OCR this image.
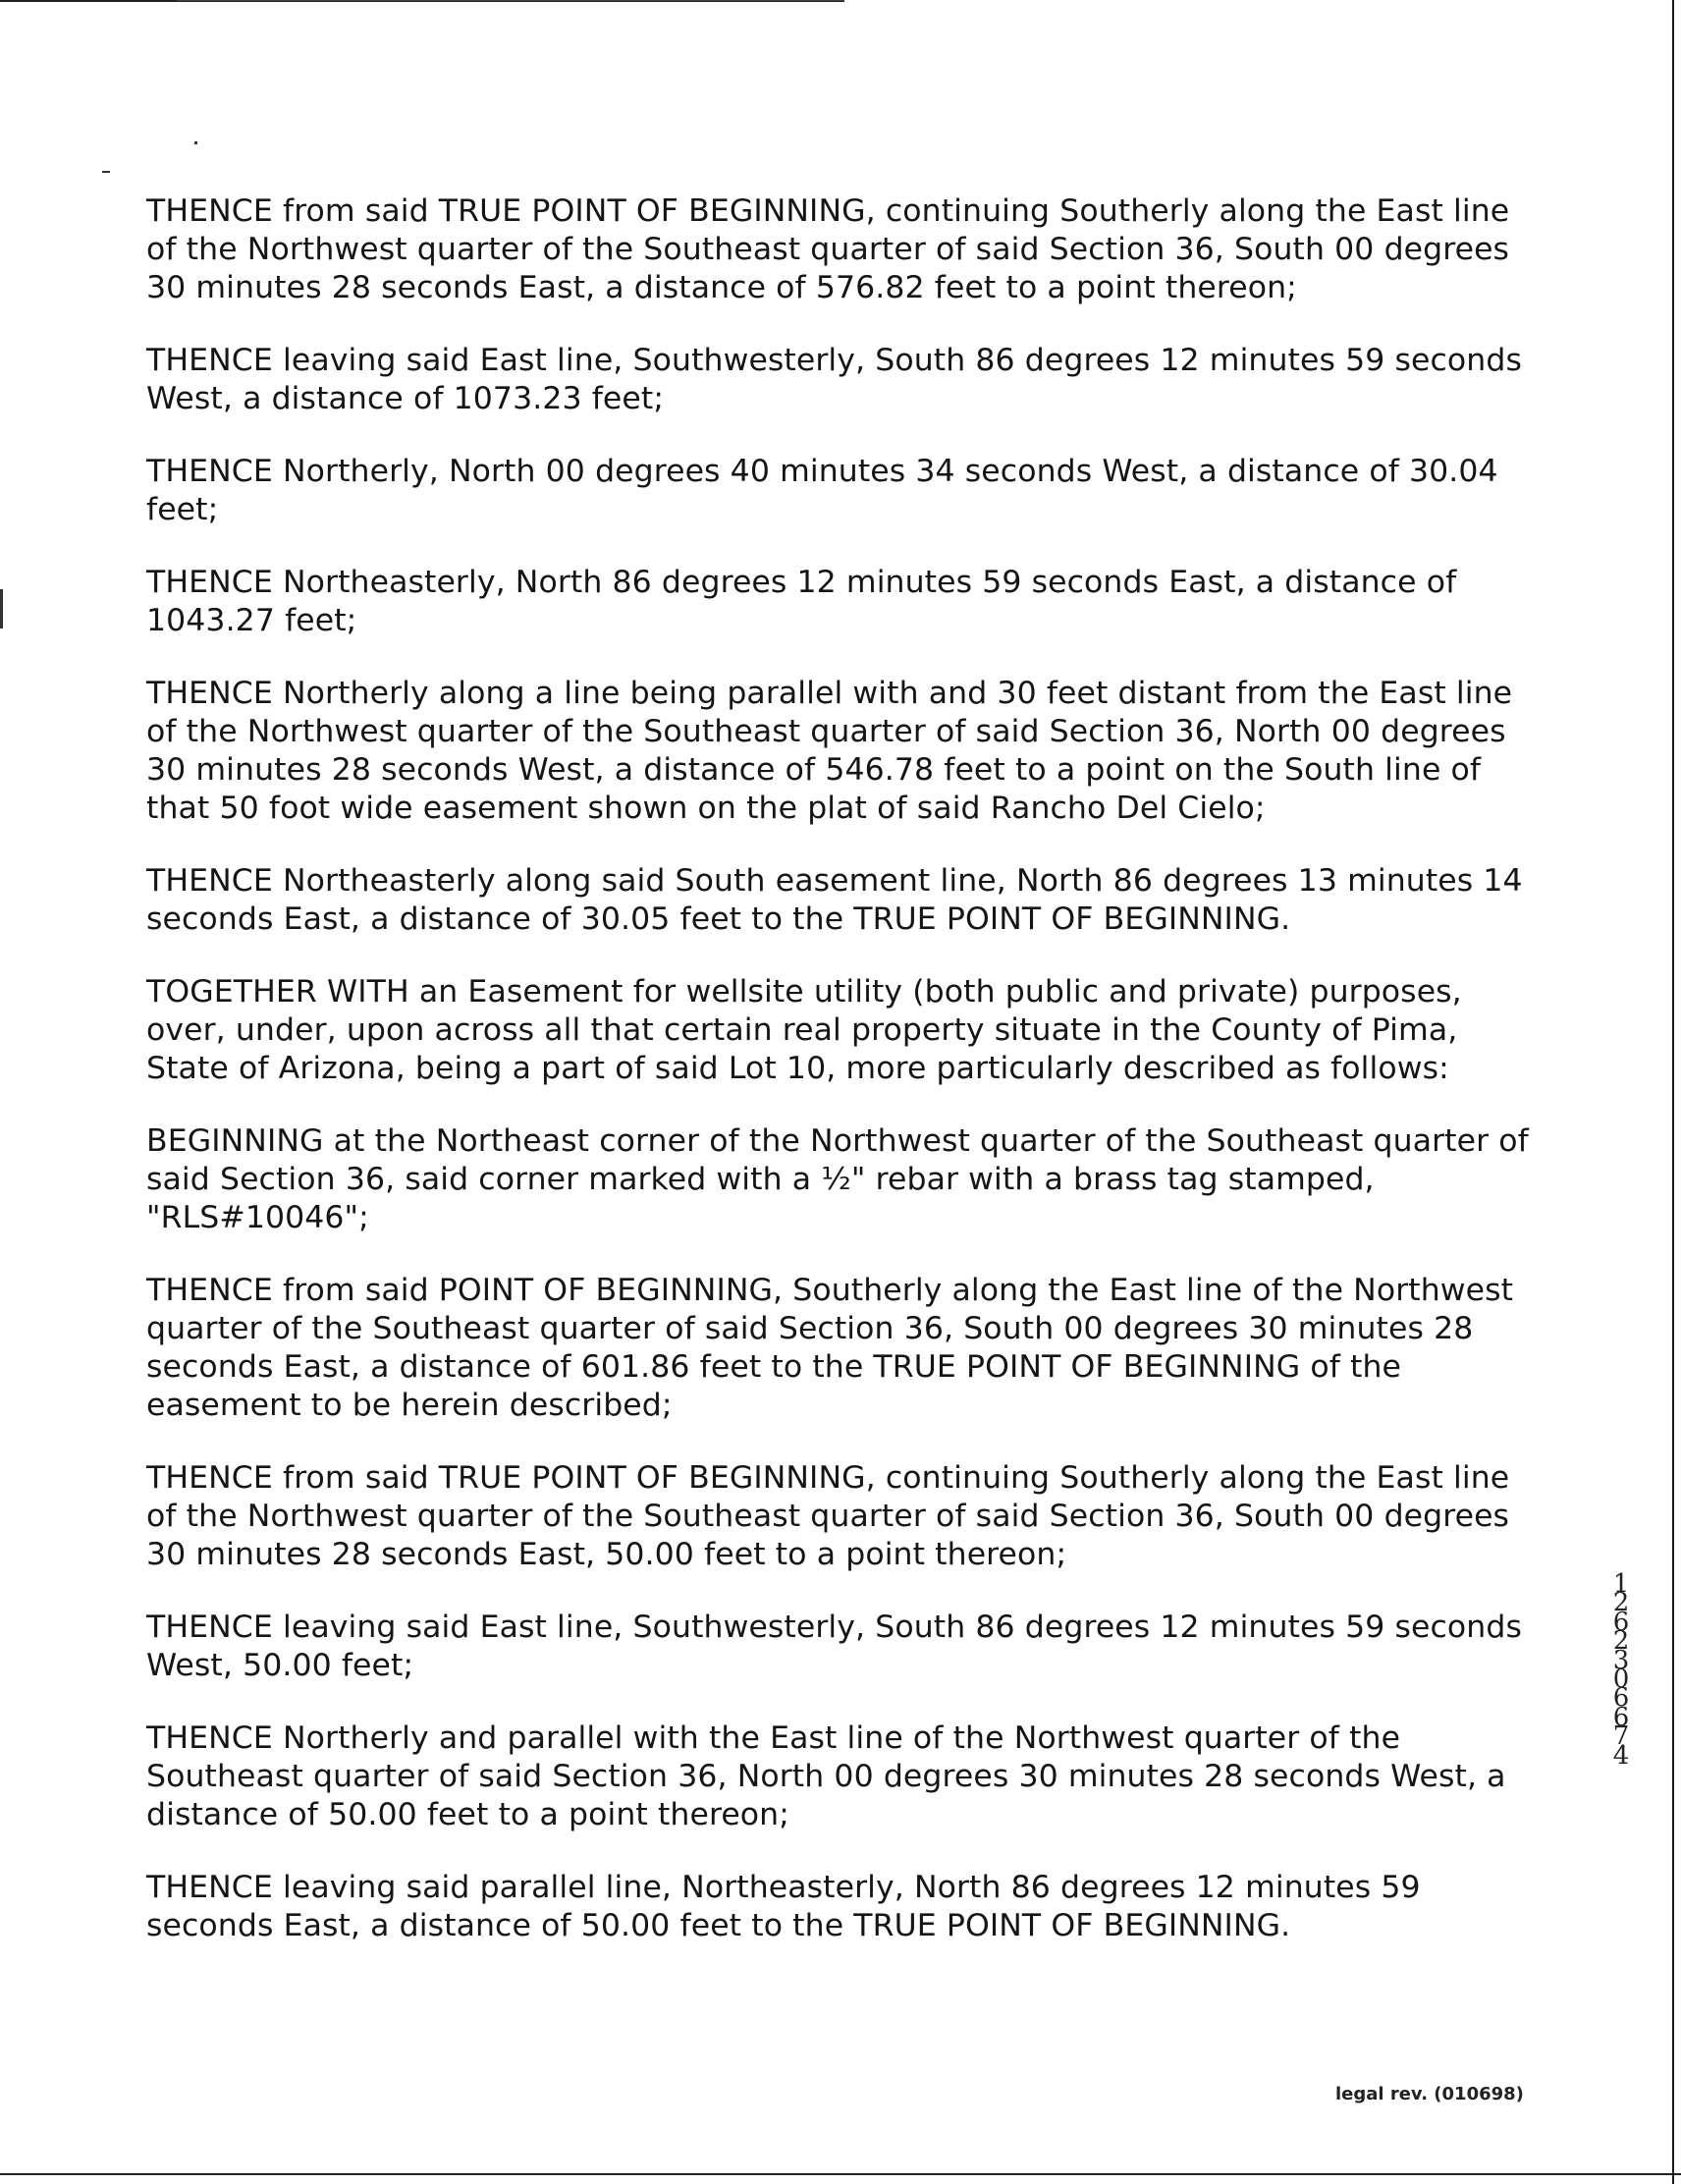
THENCE from said TRUE POINT OF BEGINNING, continuing Southerly along the East line of the Northwest quarter of the Southeast quarter of said Section 36, South 00 degrees 30 minutes 28 seconds East, a distance of 576.82 feet to a point thereon;

THENCE leaving said East line, Southwesterly, South 86 degrees 12 minutes 59 seconds West, a distance of 1073.23 feet;

THENCE Northerly, North 00 degrees 40 minutes 34 seconds West, a distance of 30.04 feet;

THENCE Northeasterly, North 86 degrees 12 minutes 59 seconds East, a distance of 1043.27 feet;

THENCE Northerly along a line being parallel with and 30 feet distant from the East line of the Northwest quarter of the Southeast quarter of said Section 36, North 00 degrees 30 minutes 28 seconds West, a distance of 546.78 feet to a point on the South line of that 50 foot wide easement shown on the plat of said Rancho Del Cielo;

THENCE Northeasterly along said South easement line, North 86 degrees 13 minutes 14 seconds East, a distance of 30.05 feet to the TRUE POINT OF BEGINNING.

TOGETHER WITH an Easement for wellsite utility (both public and private) purposes, over, under, upon across all that certain real property situate in the County of Pima, State of Arizona, being a part of said Lot 10, more particularly described as follows:

BEGINNING at the Northeast corner of the Northwest quarter of the Southeast quarter of said Section 36, said corner marked with a ½" rebar with a brass tag stamped, "RLS#10046";

THENCE from said POINT OF BEGINNING, Southerly along the East line of the Northwest quarter of the Southeast quarter of said Section 36, South 00 degrees 30 minutes 28 seconds East, a distance of 601.86 feet to the TRUE POINT OF BEGINNING of the easement to be herein described;

THENCE from said TRUE POINT OF BEGINNING, continuing Southerly along the East line of the Northwest quarter of the Southeast quarter of said Section 36, South 00 degrees 30 minutes 28 seconds East, 50.00 feet to a point thereon;

THENCE leaving said East line, Southwesterly, South 86 degrees 12 minutes 59 seconds West, 50.00 feet;

THENCE Northerly and parallel with the East line of the Northwest quarter of the Southeast quarter of said Section 36, North 00 degrees 30 minutes 28 seconds West, a distance of 50.00 feet to a point thereon;

THENCE leaving said parallel line, Northeasterly, North 86 degrees 12 minutes 59 seconds East, a distance of 50.00 feet to the TRUE POINT OF BEGINNING.

12623 06674
legal rev. (010698)
